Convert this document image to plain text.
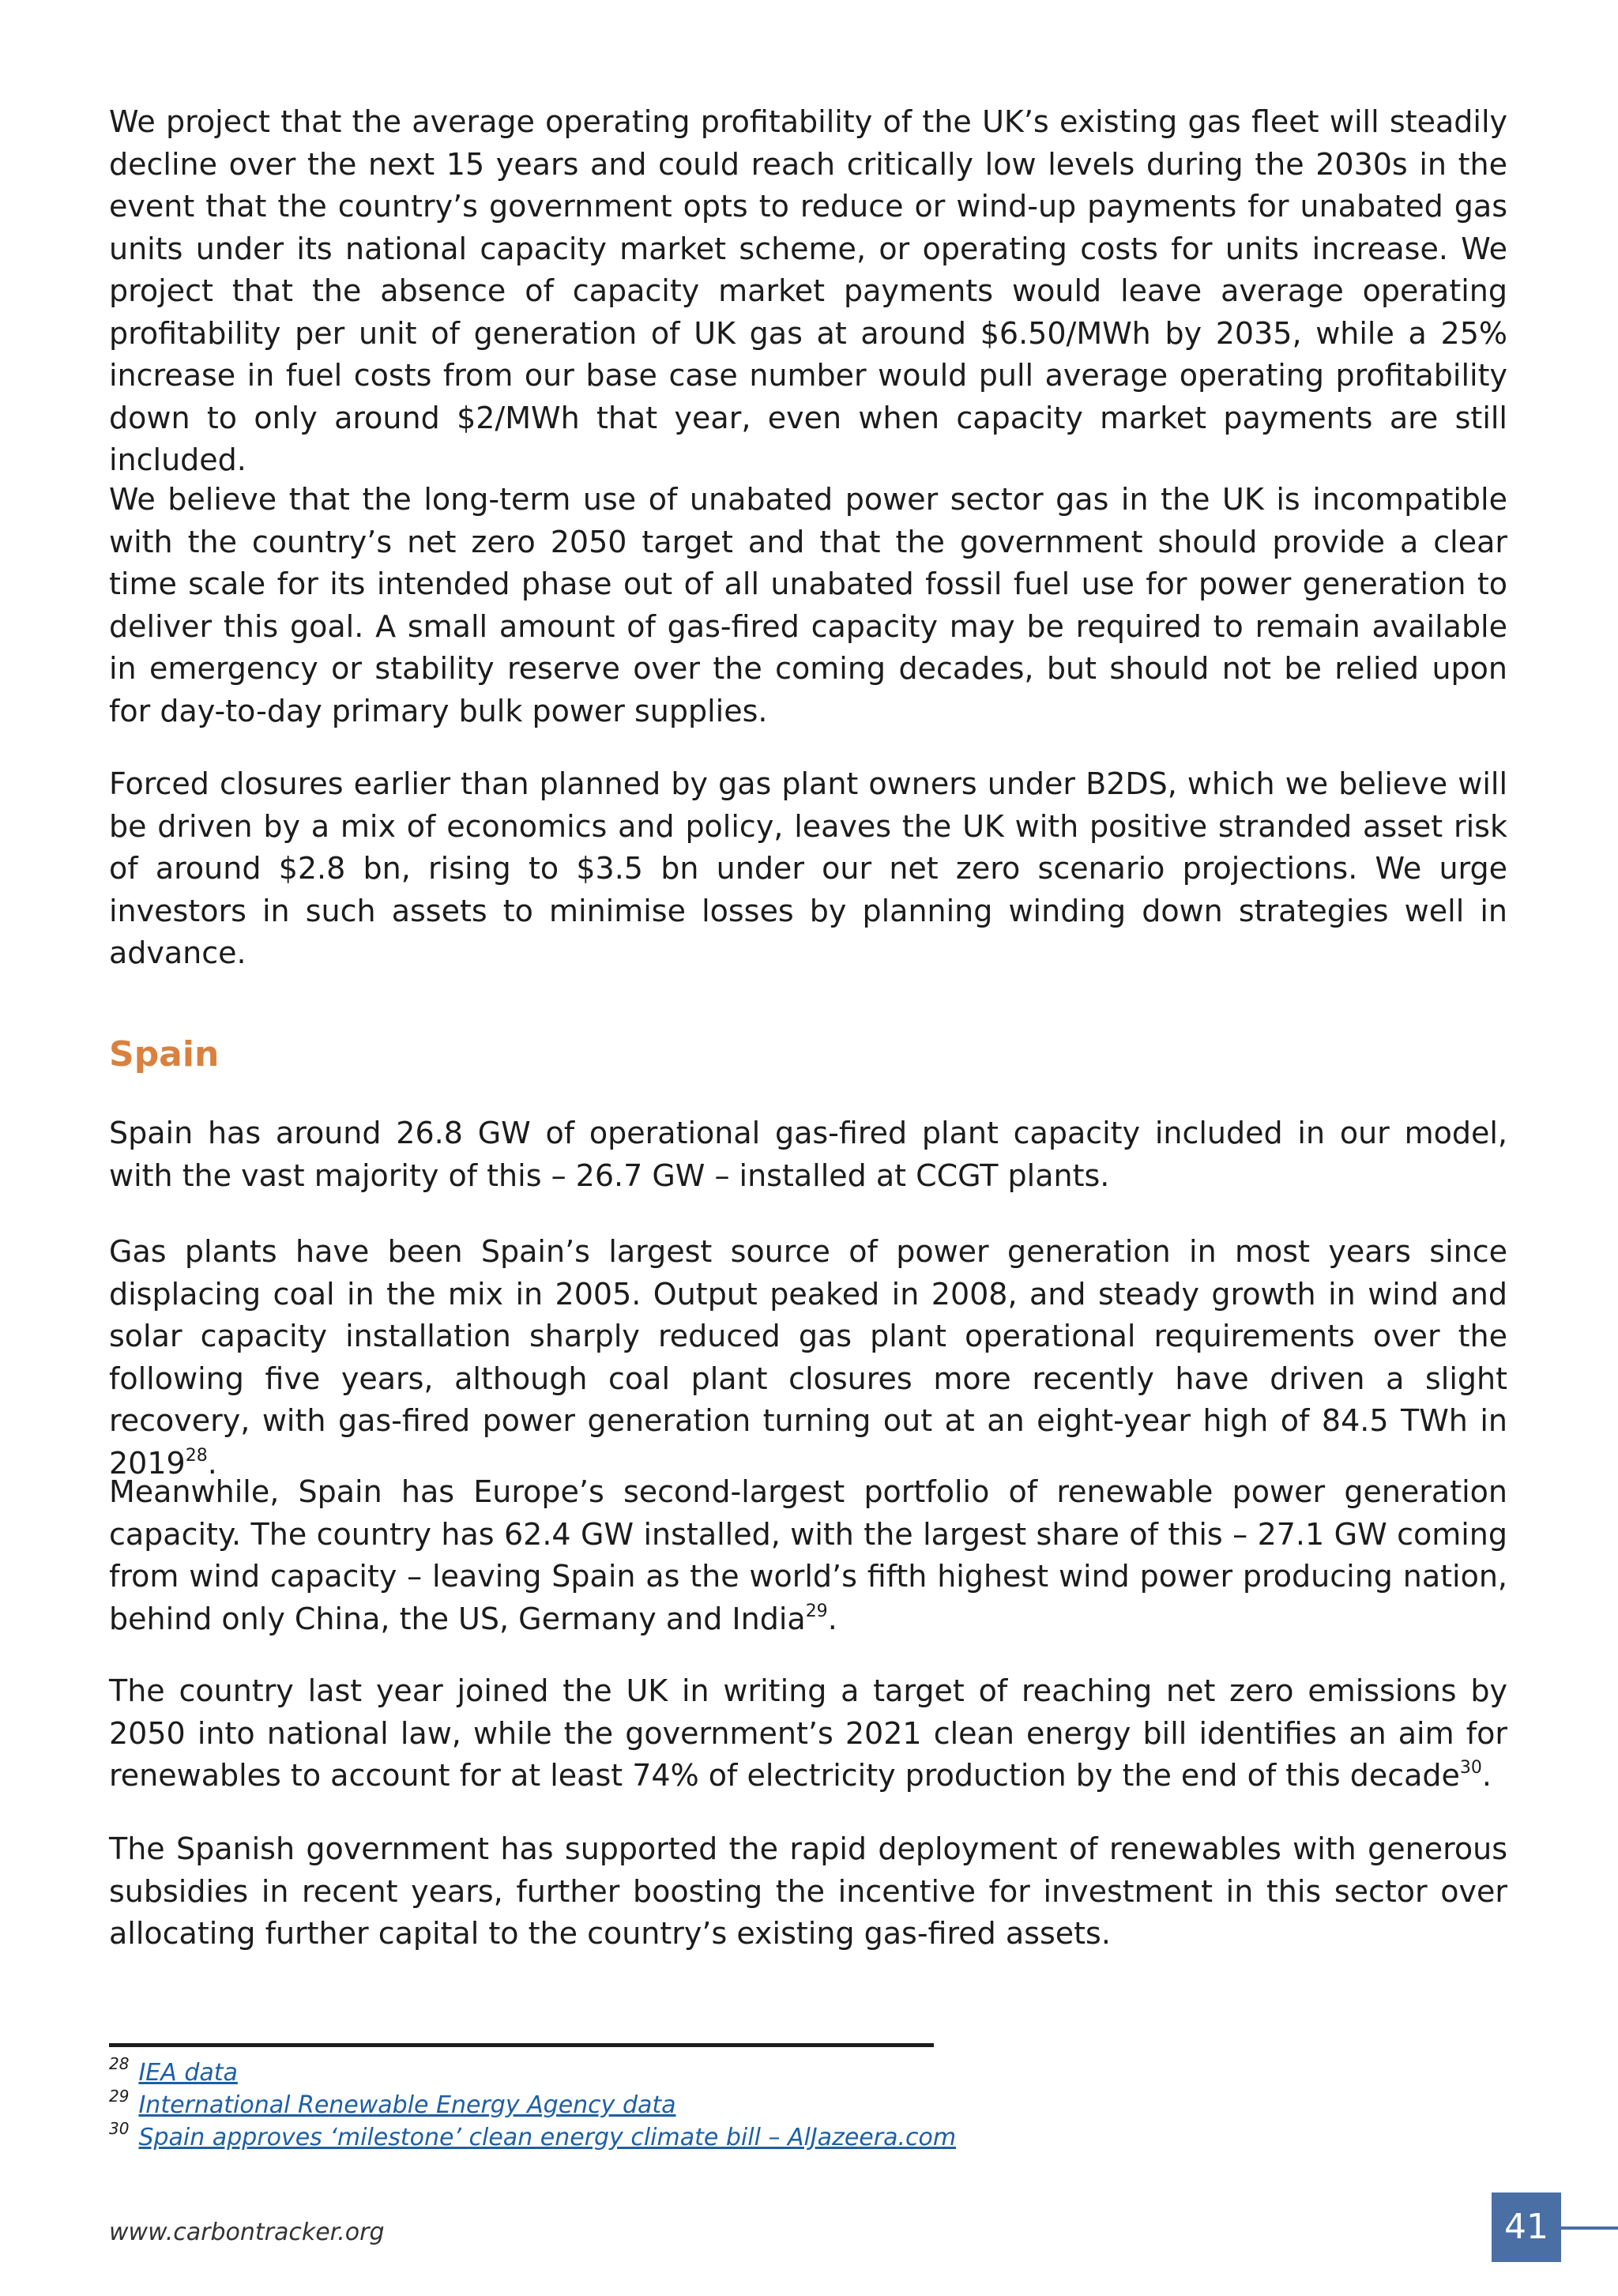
We project that the average operating profitability of the UK’s existing gas fleet will steadily decline over the next 15 years and could reach critically low levels during the 2030s in the event that the country’s government opts to reduce or wind-up payments for unabated gas units under its national capacity market scheme, or operating costs for units increase. We project that the absence of capacity market payments would leave average operating profitability per unit of generation of UK gas at around $6.50/MWh by 2035, while a 25% increase in fuel costs from our base case number would pull average operating profitability down to only around $2/MWh that year, even when capacity market payments are still included.

We believe that the long-term use of unabated power sector gas in the UK is incompatible with the country’s net zero 2050 target and that the government should provide a clear time scale for its intended phase out of all unabated fossil fuel use for power generation to deliver this goal. A small amount of gas-fired capacity may be required to remain available in emergency or stability reserve over the coming decades, but should not be relied upon for day-to-day primary bulk power supplies.

Forced closures earlier than planned by gas plant owners under B2DS, which we believe will be driven by a mix of economics and policy, leaves the UK with positive stranded asset risk of around $2.8 bn, rising to $3.5 bn under our net zero scenario projections. We urge investors in such assets to minimise losses by planning winding down strategies well in advance.

Spain

Spain has around 26.8 GW of operational gas-fired plant capacity included in our model, with the vast majority of this – 26.7 GW – installed at CCGT plants.

Gas plants have been Spain’s largest source of power generation in most years since displacing coal in the mix in 2005. Output peaked in 2008, and steady growth in wind and solar capacity installation sharply reduced gas plant operational requirements over the following five years, although coal plant closures more recently have driven a slight recovery, with gas-fired power generation turning out at an eight-year high of 84.5 TWh in 2019$^{28}$.

Meanwhile, Spain has Europe’s second-largest portfolio of renewable power generation capacity. The country has 62.4 GW installed, with the largest share of this – 27.1 GW coming from wind capacity – leaving Spain as the world’s fifth highest wind power producing nation, behind only China, the US, Germany and India$^{29}$.

The country last year joined the UK in writing a target of reaching net zero emissions by 2050 into national law, while the government’s 2021 clean energy bill identifies an aim for renewables to account for at least 74% of electricity production by the end of this decade$^{30}$.

The Spanish government has supported the rapid deployment of renewables with generous subsidies in recent years, further boosting the incentive for investment in this sector over allocating further capital to the country’s existing gas-fired assets.

$^{28}$ IEA data
$^{29}$ International Renewable Energy Agency data
$^{30}$ Spain approves ‘milestone’ clean energy climate bill – AlJazeera.com
www.carbontracker.org	41
